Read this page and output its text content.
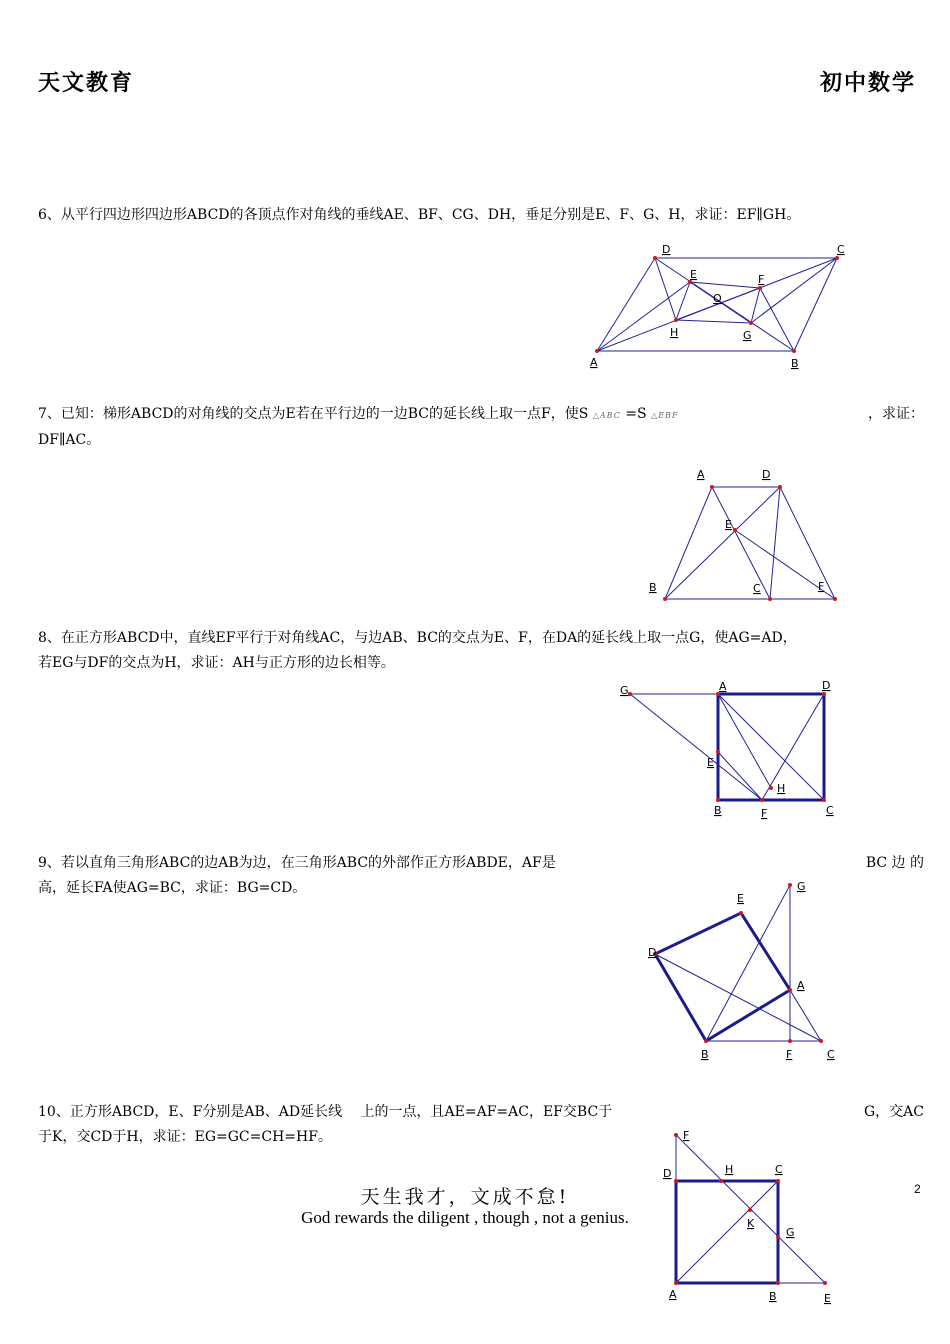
天文教育	初中数学
6、从平行四边形四边形ABCD的各顶点作对角线的垂线AE、BF、CG、DH，垂足分别是E、F、G、H，求证：EF∥GH。
A	B
C
D
E	F
G
H
O
7、已知：梯形ABCD的对角线的交点为E若在平行边的一边BC的延长线上取一点F，使S △ABC =S △EBF	，求证：
DF∥AC。
A	D
B	C	F
E
8、在正方形ABCD中，直线EF平行于对角线AC，与边AB、BC的交点为E、F，在DA的延长线上取一点G，使AG=AD，
若EG与DF的交点为H，求证：AH与正方形的边长相等。
G	A	D
E
B	F	C
H
9、若以直角三角形ABC的边AB为边，在三角形ABC的外部作正方形ABDE，AF是	BC 边 的
高，延长FA使AG=BC，求证：BG=CD。	G
E
D
A
B	F	C
10、正方形ABCD，E、F分别是AB、AD延长线　 上的一点，且AE=AF=AC，EF交BC于	G，交AC
于K，交CD于H，求证：EG=GC=CH=HF。	F
D	H	C
K
G
A	B	E
天生我才，文成不怠!
God rewards the diligent , though , not a genius.
2
